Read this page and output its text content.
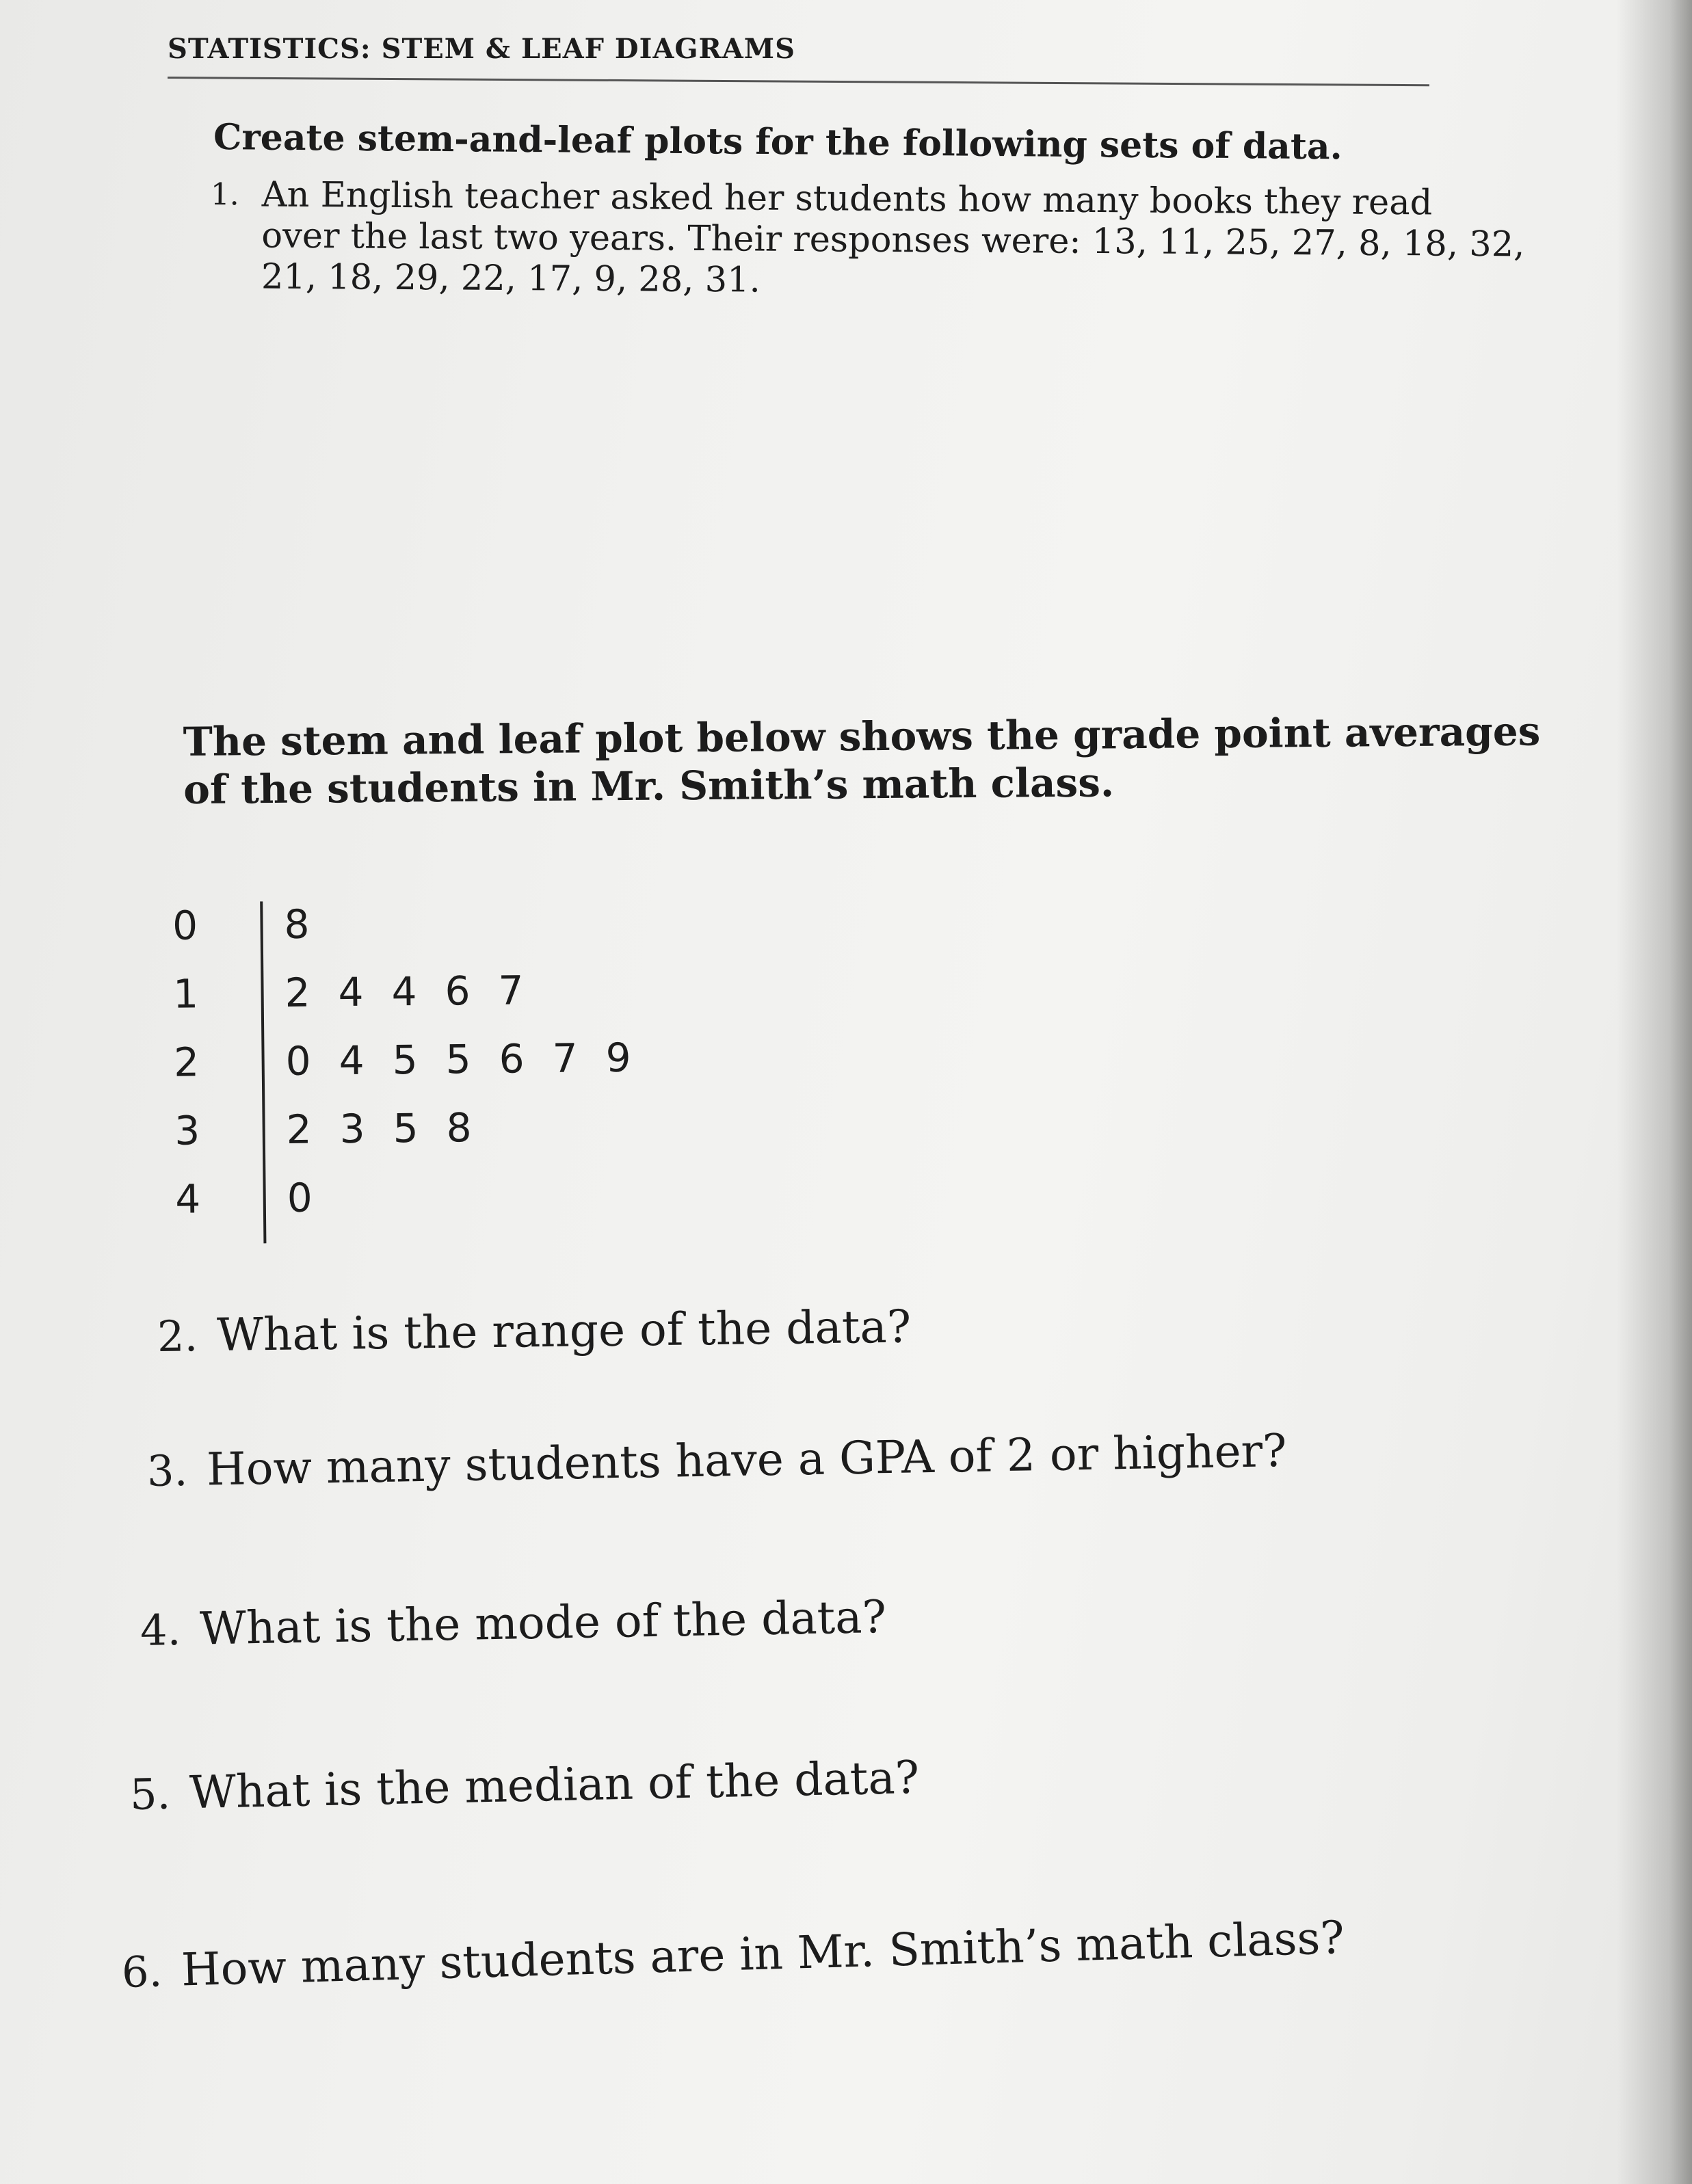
STATISTICS: STEM & LEAF DIAGRAMS
Create stem-and-leaf plots for the following sets of data.
1. An English teacher asked her students how many books they read
over the last two years. Their responses were: 13, 11, 25, 27, 8, 18, 32,
21, 18, 29, 22, 17, 9, 28, 31.
The stem and leaf plot below shows the grade point averages
of the students in Mr. Smith’s math class.
0 8
1 2 4 4 6 7
2 0 4 5 5 6 7 9
3 2 3 5 8
4 0
2. What is the range of the data?
3. How many students have a GPA of 2 or higher?
4. What is the mode of the data?
5. What is the median of the data?
6. How many students are in Mr. Smith’s math class?
